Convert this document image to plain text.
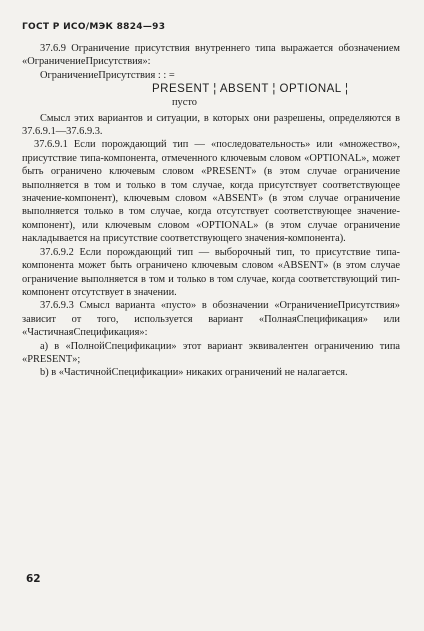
ГОСТ Р ИСО/МЭК 8824—93

37.6.9 Ограничение присутствия внутреннего типа выражается обозначением «ОграничениеПрисутствия»:

ОграничениеПрисутствия : : =

PRESENT ¦ ABSENT ¦ OPTIONAL ¦

пусто

Смысл этих вариантов и ситуации, в которых они разрешены, определяются в 37.6.9.1—37.6.9.3.

37.6.9.1 Если порождающий тип — «последовательность» или «множество», присутствие типа-компонента, отмеченного ключевым словом «OPTIONAL», может быть ограничено ключевым словом «PRESENT» (в этом случае ограничение выполняется в том и только в том случае, когда присутствует соответствующее значение-компонент), ключевым словом «ABSENT» (в этом случае ограничение выполняется только в том случае, когда отсутствует соответствующее значение-компонент), или ключевым словом «OPTIONAL» (в этом случае ограничение накладывается на присутствие соответствующего значения-компонента).

37.6.9.2 Если порождающий тип — выборочный тип, то присутствие типа-компонента может быть ограничено ключевым словом «ABSENT» (в этом случае ограничение выполняется в том и только в том случае, когда соответствующий тип-компонент отсутствует в значении.

37.6.9.3 Смысл варианта «пусто» в обозначении «ОграничениеПрисутствия» зависит от того, используется вариант «ПолнаяСпецификация» или «ЧастичнаяСпецификация»:

а) в «ПолнойСпецификации» этот вариант эквивалентен ограничению типа «PRESENT»;

b) в «ЧастичнойСпецификации» никаких ограничений не налагается.

62
